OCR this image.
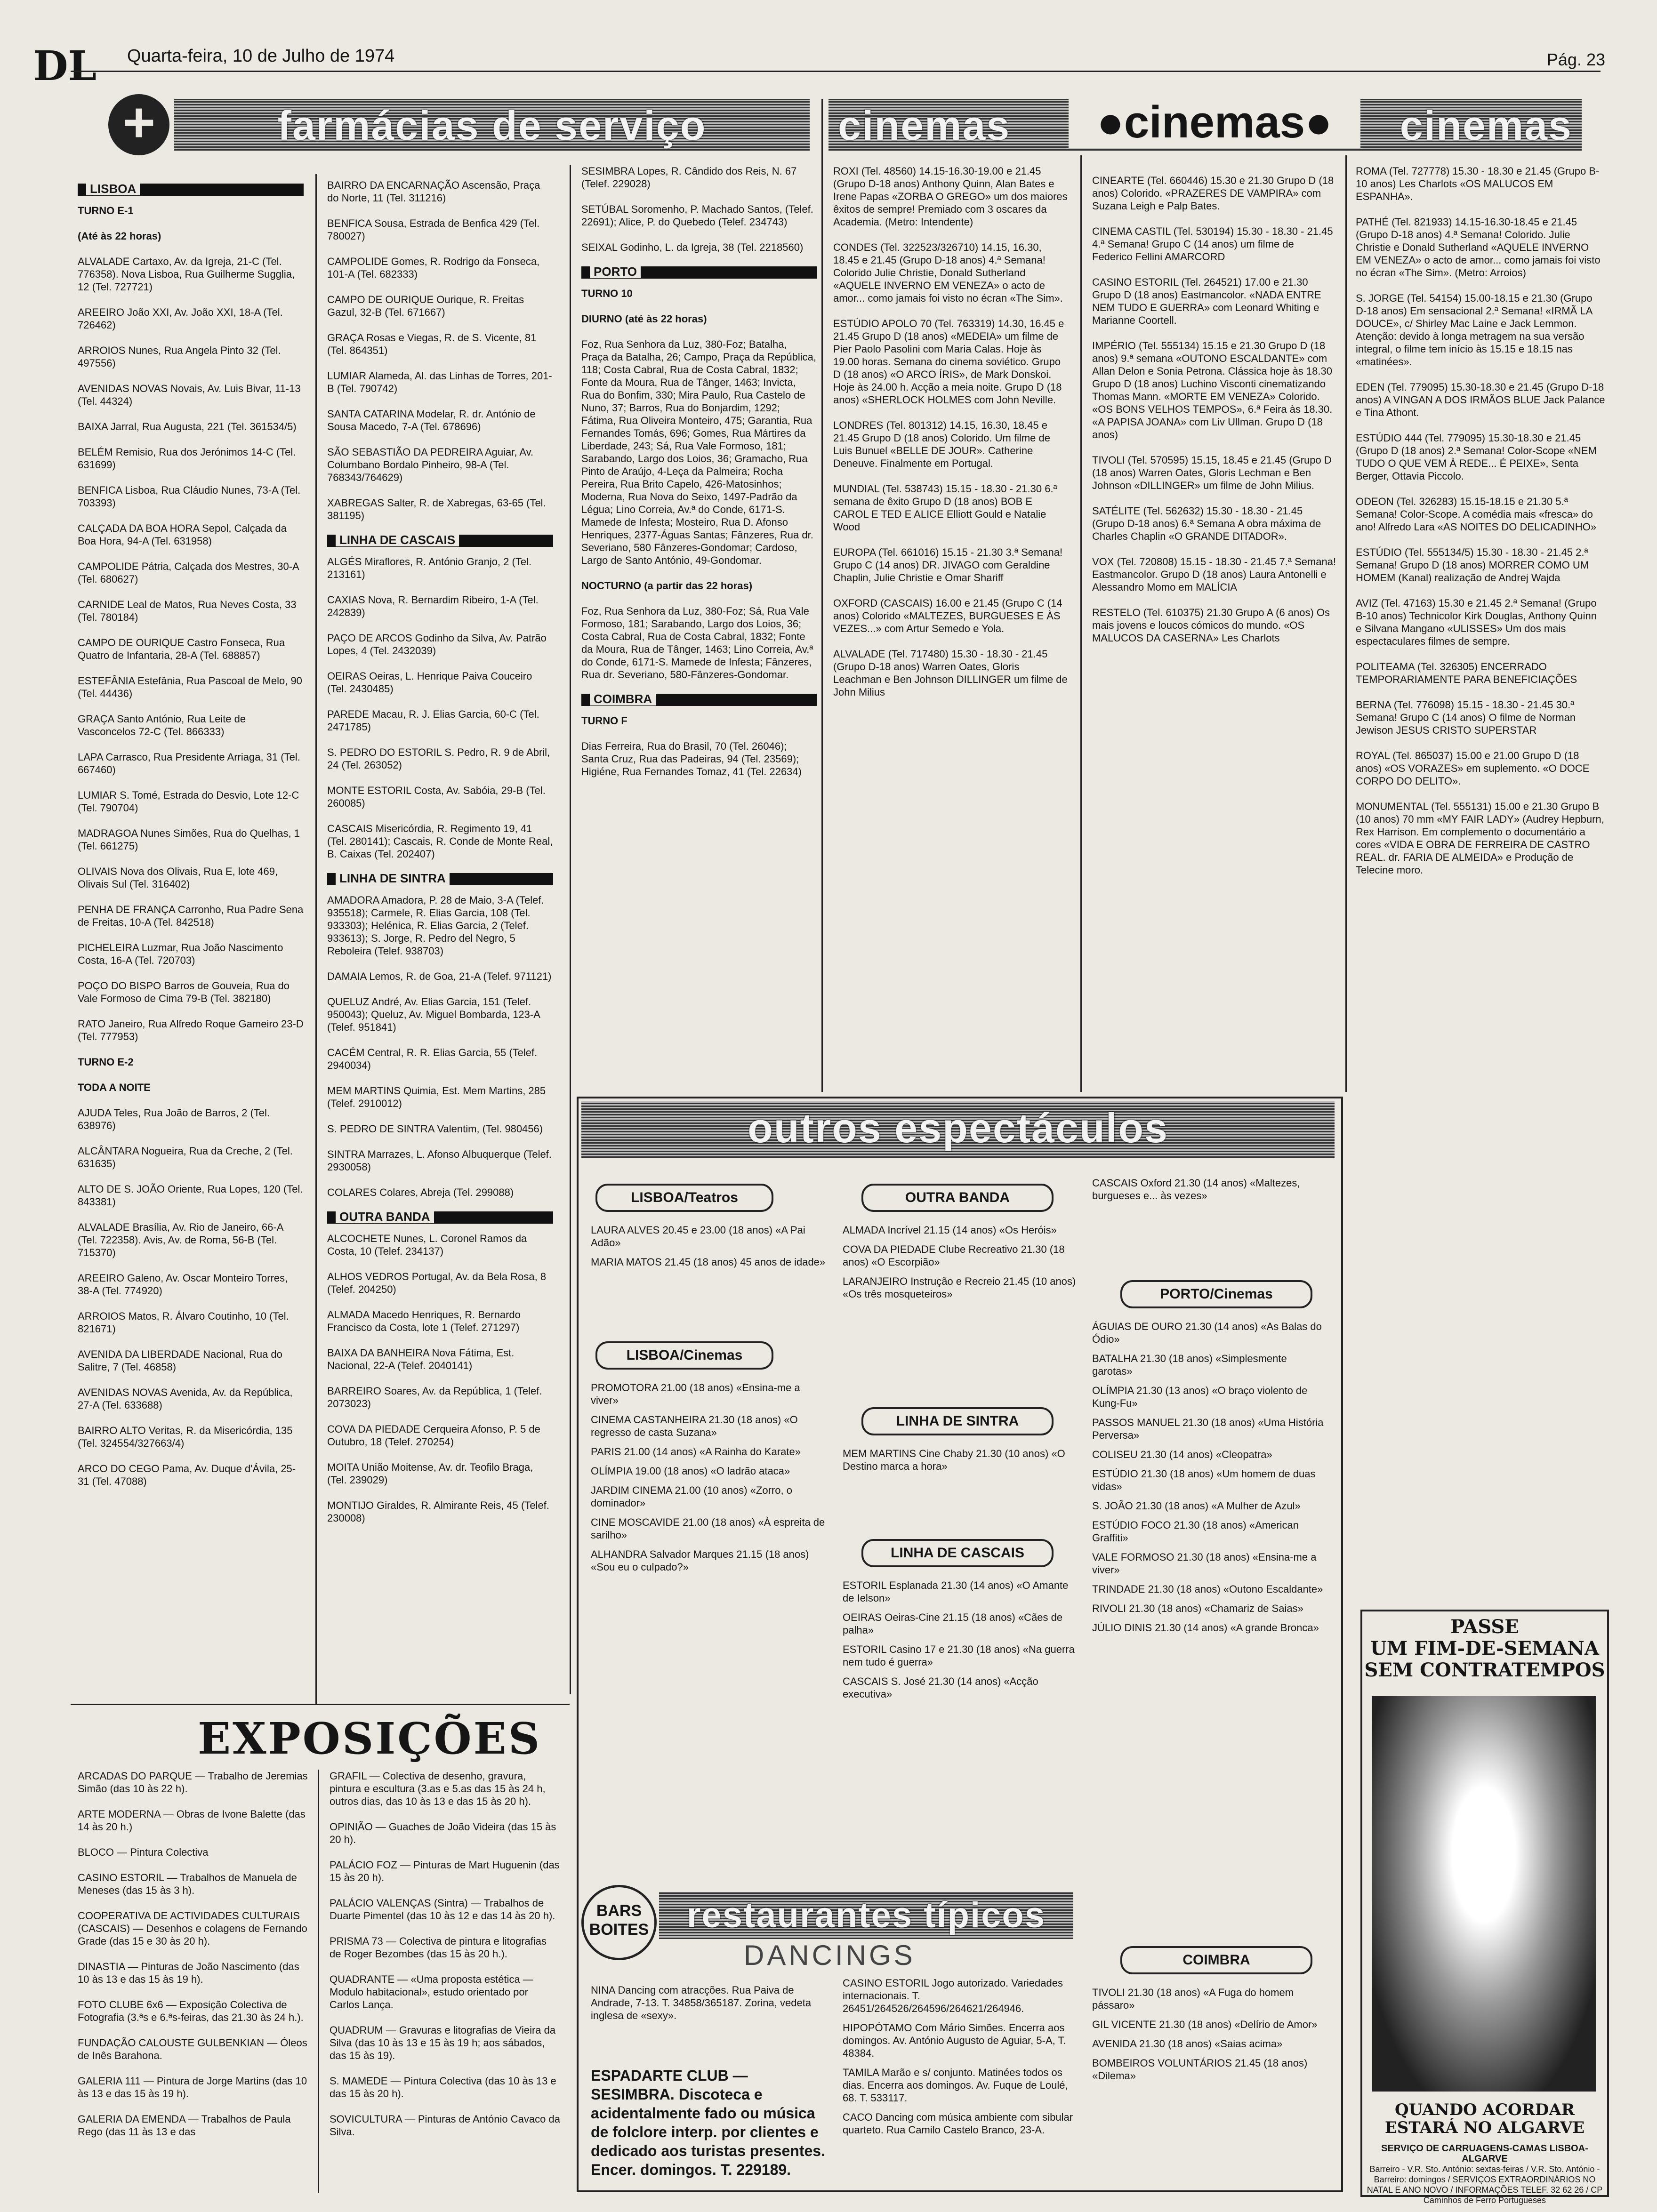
DL Quarta-feira, 10 de Julho de 1974	Pág. 23
+	farmácias de serviço	cinemas	cinemas
●cinemas●
LISBOA

TURNO E-1

(Até às 22 horas)

ALVALADE Cartaxo, Av. da Igreja, 21-C (Tel. 776358). Nova Lisboa, Rua Guilherme Sugglia, 12 (Tel. 727721)

AREEIRO João XXI, Av. João XXI, 18-A (Tel. 726462)

ARROIOS Nunes, Rua Angela Pinto 32 (Tel. 497556)

AVENIDAS NOVAS Novais, Av. Luis Bivar, 11-13 (Tel. 44324)

BAIXA Jarral, Rua Augusta, 221 (Tel. 361534/5)

BELÉM Remisio, Rua dos Jerónimos 14-C (Tel. 631699)

BENFICA Lisboa, Rua Cláudio Nunes, 73-A (Tel. 703393)

CALÇADA DA BOA HORA Sepol, Calçada da Boa Hora, 94-A (Tel. 631958)

CAMPOLIDE Pátria, Calçada dos Mestres, 30-A (Tel. 680627)

CARNIDE Leal de Matos, Rua Neves Costa, 33 (Tel. 780184)

CAMPO DE OURIQUE Castro Fonseca, Rua Quatro de Infantaria, 28-A (Tel. 688857)

ESTEFÂNIA Estefânia, Rua Pascoal de Melo, 90 (Tel. 44436)

GRAÇA Santo António, Rua Leite de Vasconcelos 72-C (Tel. 866333)

LAPA Carrasco, Rua Presidente Arriaga, 31 (Tel. 667460)

LUMIAR S. Tomé, Estrada do Desvio, Lote 12-C (Tel. 790704)

MADRAGOA Nunes Simões, Rua do Quelhas, 1 (Tel. 661275)

OLIVAIS Nova dos Olivais, Rua E, lote 469, Olivais Sul (Tel. 316402)

PENHA DE FRANÇA Carronho, Rua Padre Sena de Freitas, 10-A (Tel. 842518)

PICHELEIRA Luzmar, Rua João Nascimento Costa, 16-A (Tel. 720703)

POÇO DO BISPO Barros de Gouveia, Rua do Vale Formoso de Cima 79-B (Tel. 382180)

RATO Janeiro, Rua Alfredo Roque Gameiro 23-D (Tel. 777953)

TURNO E-2

TODA A NOITE

AJUDA Teles, Rua João de Barros, 2 (Tel. 638976)

ALCÂNTARA Nogueira, Rua da Creche, 2 (Tel. 631635)

ALTO DE S. JOÃO Oriente, Rua Lopes, 120 (Tel. 843381)

ALVALADE Brasília, Av. Rio de Janeiro, 66-A (Tel. 722358). Avis, Av. de Roma, 56-B (Tel. 715370)

AREEIRO Galeno, Av. Oscar Monteiro Torres, 38-A (Tel. 774920)

ARROIOS Matos, R. Álvaro Coutinho, 10 (Tel. 821671)

AVENIDA DA LIBERDADE Nacional, Rua do Salitre, 7 (Tel. 46858)

AVENIDAS NOVAS Avenida, Av. da República, 27-A (Tel. 633688)

BAIRRO ALTO Veritas, R. da Misericórdia, 135 (Tel. 324554/327663/4)

ARCO DO CEGO Pama, Av. Duque d'Ávila, 25-31 (Tel. 47088)

BAIRRO DA ENCARNAÇÃO Ascensão, Praça do Norte, 11 (Tel. 311216)

BENFICA Sousa, Estrada de Benfica 429 (Tel. 780027)

CAMPOLIDE Gomes, R. Rodrigo da Fonseca, 101-A (Tel. 682333)

CAMPO DE OURIQUE Ourique, R. Freitas Gazul, 32-B (Tel. 671667)

GRAÇA Rosas e Viegas, R. de S. Vicente, 81 (Tel. 864351)

LUMIAR Alameda, Al. das Linhas de Torres, 201-B (Tel. 790742)

SANTA CATARINA Modelar, R. dr. António de Sousa Macedo, 7-A (Tel. 678696)

SÃO SEBASTIÃO DA PEDREIRA Aguiar, Av. Columbano Bordalo Pinheiro, 98-A (Tel. 768343/764629)

XABREGAS Salter, R. de Xabregas, 63-65 (Tel. 381195)

LINHA DE CASCAIS

ALGÉS Miraflores, R. António Granjo, 2 (Tel. 213161)

CAXIAS Nova, R. Bernardim Ribeiro, 1-A (Tel. 242839)

PAÇO DE ARCOS Godinho da Silva, Av. Patrão Lopes, 4 (Tel. 2432039)

OEIRAS Oeiras, L. Henrique Paiva Couceiro (Tel. 2430485)

PAREDE Macau, R. J. Elias Garcia, 60-C (Tel. 2471785)

S. PEDRO DO ESTORIL S. Pedro, R. 9 de Abril, 24 (Tel. 263052)

MONTE ESTORIL Costa, Av. Sabóia, 29-B (Tel. 260085)

CASCAIS Misericórdia, R. Regimento 19, 41 (Tel. 280141); Cascais, R. Conde de Monte Real, B. Caixas (Tel. 202407)

LINHA DE SINTRA

AMADORA Amadora, P. 28 de Maio, 3-A (Telef. 935518); Carmele, R. Elias Garcia, 108 (Tel. 933303); Helénica, R. Elias Garcia, 2 (Telef. 933613); S. Jorge, R. Pedro del Negro, 5 Reboleira (Telef. 938703)

DAMAIA Lemos, R. de Goa, 21-A (Telef. 971121)

QUELUZ André, Av. Elias Garcia, 151 (Telef. 950043); Queluz, Av. Miguel Bombarda, 123-A (Telef. 951841)

CACÉM Central, R. R. Elias Garcia, 55 (Telef. 2940034)

MEM MARTINS Quimia, Est. Mem Martins, 285 (Telef. 2910012)

S. PEDRO DE SINTRA Valentim, (Tel. 980456)

SINTRA Marrazes, L. Afonso Albuquerque (Telef. 2930058)

COLARES Colares, Abreja (Tel. 299088)

OUTRA BANDA

ALCOCHETE Nunes, L. Coronel Ramos da Costa, 10 (Telef. 234137)

ALHOS VEDROS Portugal, Av. da Bela Rosa, 8 (Telef. 204250)

ALMADA Macedo Henriques, R. Bernardo Francisco da Costa, lote 1 (Telef. 271297)

BAIXA DA BANHEIRA Nova Fátima, Est. Nacional, 22-A (Telef. 2040141)

BARREIRO Soares, Av. da República, 1 (Telef. 2073023)

COVA DA PIEDADE Cerqueira Afonso, P. 5 de Outubro, 18 (Telef. 270254)

MOITA União Moitense, Av. dr. Teofilo Braga, (Tel. 239029)

MONTIJO Giraldes, R. Almirante Reis, 45 (Telef. 230008)

SESIMBRA Lopes, R. Cândido dos Reis, N. 67 (Telef. 229028)

SETÚBAL Soromenho, P. Machado Santos, (Telef. 22691); Alice, P. do Quebedo (Telef. 234743)

SEIXAL Godinho, L. da Igreja, 38 (Tel. 2218560)

PORTO

TURNO 10

DIURNO (até às 22 horas)

Foz, Rua Senhora da Luz, 380-Foz; Batalha, Praça da Batalha, 26; Campo, Praça da República, 118; Costa Cabral, Rua de Costa Cabral, 1832; Fonte da Moura, Rua de Tânger, 1463; Invicta, Rua do Bonfim, 330; Mira Paulo, Rua Castelo de Nuno, 37; Barros, Rua do Bonjardim, 1292; Fátima, Rua Oliveira Monteiro, 475; Garantia, Rua Fernandes Tomás, 696; Gomes, Rua Mártires da Liberdade, 243; Sá, Rua Vale Formoso, 181; Sarabando, Largo dos Loios, 36; Gramacho, Rua Pinto de Araújo, 4-Leça da Palmeira; Rocha Pereira, Rua Brito Capelo, 426-Matosinhos; Moderna, Rua Nova do Seixo, 1497-Padrão da Légua; Lino Correia, Av.ª do Conde, 6171-S. Mamede de Infesta; Mosteiro, Rua D. Afonso Henriques, 2377-Águas Santas; Fânzeres, Rua dr. Severiano, 580 Fânzeres-Gondomar; Cardoso, Largo de Santo António, 49-Gondomar.

NOCTURNO (a partir das 22 horas)

Foz, Rua Senhora da Luz, 380-Foz; Sá, Rua Vale Formoso, 181; Sarabando, Largo dos Loios, 36; Costa Cabral, Rua de Costa Cabral, 1832; Fonte da Moura, Rua de Tânger, 1463; Lino Correia, Av.ª do Conde, 6171-S. Mamede de Infesta; Fânzeres, Rua dr. Severiano, 580-Fânzeres-Gondomar.

COIMBRA

TURNO F

Dias Ferreira, Rua do Brasil, 70 (Tel. 26046); Santa Cruz, Rua das Padeiras, 94 (Tel. 23569); Higiéne, Rua Fernandes Tomaz, 41 (Tel. 22634)

ROXI (Tel. 48560) 14.15-16.30-19.00 e 21.45 (Grupo D-18 anos) Anthony Quinn, Alan Bates e Irene Papas «ZORBA O GREGO» um dos maiores êxitos de sempre! Premiado com 3 oscares da Academia. (Metro: Intendente)

CONDES (Tel. 322523/326710) 14.15, 16.30, 18.45 e 21.45 (Grupo D-18 anos) 4.ª Semana! Colorido Julie Christie, Donald Sutherland «AQUELE INVERNO EM VENEZA» o acto de amor... como jamais foi visto no écran «The Sim».

ESTÚDIO APOLO 70 (Tel. 763319) 14.30, 16.45 e 21.45 Grupo D (18 anos) «MEDEIA» um filme de Pier Paolo Pasolini com Maria Calas. Hoje às 19.00 horas. Semana do cinema soviético. Grupo D (18 anos) «O ARCO ÍRIS», de Mark Donskoi. Hoje às 24.00 h. Acção a meia noite. Grupo D (18 anos) «SHERLOCK HOLMES com John Neville.

LONDRES (Tel. 801312) 14.15, 16.30, 18.45 e 21.45 Grupo D (18 anos) Colorido. Um filme de Luis Bunuel «BELLE DE JOUR». Catherine Deneuve. Finalmente em Portugal.

MUNDIAL (Tel. 538743) 15.15 - 18.30 - 21.30 6.ª semana de êxito Grupo D (18 anos) BOB E CAROL E TED E ALICE Elliott Gould e Natalie Wood

EUROPA (Tel. 661016) 15.15 - 21.30 3.ª Semana! Grupo C (14 anos) DR. JIVAGO com Geraldine Chaplin, Julie Christie e Omar Shariff

OXFORD (CASCAIS) 16.00 e 21.45 (Grupo C (14 anos) Colorido «MALTEZES, BURGUESES E ÀS VEZES...» com Artur Semedo e Yola.

ALVALADE (Tel. 717480) 15.30 - 18.30 - 21.45 (Grupo D-18 anos) Warren Oates, Gloris Leachman e Ben Johnson DILLINGER um filme de John Milius

CINEARTE (Tel. 660446) 15.30 e 21.30 Grupo D (18 anos) Colorido. «PRAZERES DE VAMPIRA» com Suzana Leigh e Palp Bates.

CINEMA CASTIL (Tel. 530194) 15.30 - 18.30 - 21.45 4.ª Semana! Grupo C (14 anos) um filme de Federico Fellini AMARCORD

CASINO ESTORIL (Tel. 264521) 17.00 e 21.30 Grupo D (18 anos) Eastmancolor. «NADA ENTRE NEM TUDO E GUERRA» com Leonard Whiting e Marianne Coortell.

IMPÉRIO (Tel. 555134) 15.15 e 21.30 Grupo D (18 anos) 9.ª semana «OUTONO ESCALDANTE» com Allan Delon e Sonia Petrona. Clássica hoje às 18.30 Grupo D (18 anos) Luchino Visconti cinematizando Thomas Mann. «MORTE EM VENEZA» Colorido. «OS BONS VELHOS TEMPOS», 6.ª Feira às 18.30. «A PAPISA JOANA» com Liv Ullman. Grupo D (18 anos)

TIVOLI (Tel. 570595) 15.15, 18.45 e 21.45 (Grupo D (18 anos) Warren Oates, Gloris Lechman e Ben Johnson «DILLINGER» um filme de John Milius.

SATÉLITE (Tel. 562632) 15.30 - 18.30 - 21.45 (Grupo D-18 anos) 6.ª Semana A obra máxima de Charles Chaplin «O GRANDE DITADOR».

VOX (Tel. 720808) 15.15 - 18.30 - 21.45 7.ª Semana! Eastmancolor. Grupo D (18 anos) Laura Antonelli e Alessandro Momo em MALÍCIA

RESTELO (Tel. 610375) 21.30 Grupo A (6 anos) Os mais jovens e loucos cómicos do mundo. «OS MALUCOS DA CASERNA» Les Charlots

ROMA (Tel. 727778) 15.30 - 18.30 e 21.45 (Grupo B-10 anos) Les Charlots «OS MALUCOS EM ESPANHA».

PATHÉ (Tel. 821933) 14.15-16.30-18.45 e 21.45 (Grupo D-18 anos) 4.ª Semana! Colorido. Julie Christie e Donald Sutherland «AQUELE INVERNO EM VENEZA» o acto de amor... como jamais foi visto no écran «The Sim». (Metro: Arroios)

S. JORGE (Tel. 54154) 15.00-18.15 e 21.30 (Grupo D-18 anos) Em sensacional 2.ª Semana! «IRMÃ LA DOUCE», c/ Shirley Mac Laine e Jack Lemmon. Atenção: devido à longa metragem na sua versão integral, o filme tem início às 15.15 e 18.15 nas «matinées».

EDEN (Tel. 779095) 15.30-18.30 e 21.45 (Grupo D-18 anos) A VINGAN A DOS IRMÃOS BLUE Jack Palance e Tina Athont.

ESTÚDIO 444 (Tel. 779095) 15.30-18.30 e 21.45 (Grupo D (18 anos) 2.ª Semana! Color-Scope «NEM TUDO O QUE VEM À REDE... É PEIXE», Senta Berger, Ottavia Piccolo.

ODEON (Tel. 326283) 15.15-18.15 e 21.30 5.ª Semana! Color-Scope. A comédia mais «fresca» do ano! Alfredo Lara «AS NOITES DO DELICADINHO»

ESTÚDIO (Tel. 555134/5) 15.30 - 18.30 - 21.45 2.ª Semana! Grupo D (18 anos) MORRER COMO UM HOMEM (Kanal) realização de Andrej Wajda

AVIZ (Tel. 47163) 15.30 e 21.45 2.ª Semana! (Grupo B-10 anos) Technicolor Kirk Douglas, Anthony Quinn e Silvana Mangano «ULISSES» Um dos mais espectaculares filmes de sempre.

POLITEAMA (Tel. 326305) ENCERRADO TEMPORARIAMENTE PARA BENEFICIAÇÕES

BERNA (Tel. 776098) 15.15 - 18.30 - 21.45 30.ª Semana! Grupo C (14 anos) O filme de Norman Jewison JESUS CRISTO SUPERSTAR

ROYAL (Tel. 865037) 15.00 e 21.00 Grupo D (18 anos) «OS VORAZES» em suplemento. «O DOCE CORPO DO DELITO».

MONUMENTAL (Tel. 555131) 15.00 e 21.30 Grupo B (10 anos) 70 mm «MY FAIR LADY» (Audrey Hepburn, Rex Harrison. Em complemento o documentário a cores «VIDA E OBRA DE FERREIRA DE CASTRO REAL. dr. FARIA DE ALMEIDA» e Produção de Telecine moro.

EXPOSIÇÕES

ARCADAS DO PARQUE — Trabalho de Jeremias Simão (das 10 às 22 h).

ARTE MODERNA — Obras de Ivone Balette (das 14 às 20 h.)

BLOCO — Pintura Colectiva

CASINO ESTORIL — Trabalhos de Manuela de Meneses (das 15 às 3 h).

COOPERATIVA DE ACTIVIDADES CULTURAIS (CASCAIS) — Desenhos e colagens de Fernando Grade (das 15 e 30 às 20 h).

DINASTIA — Pinturas de João Nascimento (das 10 às 13 e das 15 às 19 h).

FOTO CLUBE 6x6 — Exposição Colectiva de Fotografia (3.ªs e 6.ªs-feiras, das 21.30 às 24 h.).

FUNDAÇÃO CALOUSTE GULBENKIAN — Óleos de Inês Barahona.

GALERIA 111 — Pintura de Jorge Martins (das 10 às 13 e das 15 às 19 h).

GALERIA DA EMENDA — Trabalhos de Paula Rego (das 11 às 13 e das

GRAFIL — Colectiva de desenho, gravura, pintura e escultura (3.as e 5.as das 15 às 24 h, outros dias, das 10 às 13 e das 15 às 20 h).

OPINIÃO — Guaches de João Videira (das 15 às 20 h).

PALÁCIO FOZ — Pinturas de Mart Huguenin (das 15 às 20 h).

PALÁCIO VALENÇAS (Sintra) — Trabalhos de Duarte Pimentel (das 10 às 12 e das 14 às 20 h).

PRISMA 73 — Colectiva de pintura e litografias de Roger Bezombes (das 15 às 20 h.).

QUADRANTE — «Uma proposta estética — Modulo habitacional», estudo orientado por Carlos Lança.

QUADRUM — Gravuras e litografias de Vieira da Silva (das 10 às 13 e 15 às 19 h; aos sábados, das 15 às 19).

S. MAMEDE — Pintura Colectiva (das 10 às 13 e das 15 às 20 h).

SOVICULTURA — Pinturas de António Cavaco da Silva.

outros espectáculos
LISBOA/Teatros
LAURA ALVES 20.45 e 23.00 (18 anos) «A Pai Adão»
MARIA MATOS 21.45 (18 anos) 45 anos de idade»
LISBOA/Cinemas
PROMOTORA 21.00 (18 anos) «Ensina-me a viver»
CINEMA CASTANHEIRA 21.30 (18 anos) «O regresso de casta Suzana»
PARIS 21.00 (14 anos) «A Rainha do Karate»
OLÍMPIA 19.00 (18 anos) «O ladrão ataca»
JARDIM CINEMA 21.00 (10 anos) «Zorro, o dominador»
CINE MOSCAVIDE 21.00 (18 anos) «À espreita de sarilho»
ALHANDRA Salvador Marques 21.15 (18 anos) «Sou eu o culpado?»
OUTRA BANDA
ALMADA Incrível 21.15 (14 anos) «Os Heróis»
COVA DA PIEDADE Clube Recreativo 21.30 (18 anos) «O Escorpião»
LARANJEIRO Instrução e Recreio 21.45 (10 anos) «Os três mosqueteiros»
LINHA DE SINTRA
MEM MARTINS Cine Chaby 21.30 (10 anos) «O Destino marca a hora»
LINHA DE CASCAIS
ESTORIL Esplanada 21.30 (14 anos) «O Amante de Ielson»
OEIRAS Oeiras-Cine 21.15 (18 anos) «Cães de palha»
ESTORIL Casino 17 e 21.30 (18 anos) «Na guerra nem tudo é guerra»
CASCAIS S. José 21.30 (14 anos) «Acção executiva»
CASCAIS Oxford 21.30 (14 anos) «Maltezes, burgueses e... às vezes»
PORTO/Cinemas
ÁGUIAS DE OURO 21.30 (14 anos) «As Balas do Ódio»
BATALHA 21.30 (18 anos) «Simplesmente garotas»
OLÍMPIA 21.30 (13 anos) «O braço violento de Kung-Fu»
PASSOS MANUEL 21.30 (18 anos) «Uma História Perversa»
COLISEU 21.30 (14 anos) «Cleopatra»
ESTÚDIO 21.30 (18 anos) «Um homem de duas vidas»
S. JOÃO 21.30 (18 anos) «A Mulher de Azul»
ESTÚDIO FOCO 21.30 (18 anos) «American Graffiti»
VALE FORMOSO 21.30 (18 anos) «Ensina-me a viver»
TRINDADE 21.30 (18 anos) «Outono Escaldante»
RIVOLI 21.30 (18 anos) «Chamariz de Saias»
JÚLIO DINIS 21.30 (14 anos) «A grande Bronca»
COIMBRA
TIVOLI 21.30 (18 anos) «A Fuga do homem pássaro»
GIL VICENTE 21.30 (18 anos) «Delírio de Amor»
AVENIDA 21.30 (18 anos) «Saias acima»
BOMBEIROS VOLUNTÁRIOS 21.45 (18 anos) «Dilema»
BARS BOITES	restaurantes típicos
DANCINGS
NINA Dancing com atracções. Rua Paiva de Andrade, 7-13. T. 34858/365187. Zorina, vedeta inglesa de «sexy».
ESPADARTE CLUB — SESIMBRA. Discoteca e acidentalmente fado ou música de folclore interp. por clientes e dedicado aos turistas presentes. Encer. domingos. T. 229189.
CASINO ESTORIL Jogo autorizado. Variedades internacionais. T. 26451/264526/264596/264621/264946.
HIPOPÓTAMO Com Mário Simões. Encerra aos domingos. Av. António Augusto de Aguiar, 5-A, T. 48384.
TAMILA Marão e s/ conjunto. Matinées todos os dias. Encerra aos domingos. Av. Fuque de Loulé, 68. T. 533117.
CACO Dancing com música ambiente com sibular quarteto. Rua Camilo Castelo Branco, 23-A.
PASSE
UM FIM-DE-SEMANA
SEM CONTRATEMPOS
QUANDO ACORDAR
ESTARÁ NO ALGARVE
SERVIÇO DE CARRUAGENS-CAMAS LISBOA-ALGARVE
Barreiro - V.R. Sto. António: sextas-feiras / V.R. Sto. António - Barreiro: domingos / SERVIÇOS EXTRAORDINÁRIOS NO NATAL E ANO NOVO / INFORMAÇÕES TELEF. 32 62 26 / CP Caminhos de Ferro Portugueses
